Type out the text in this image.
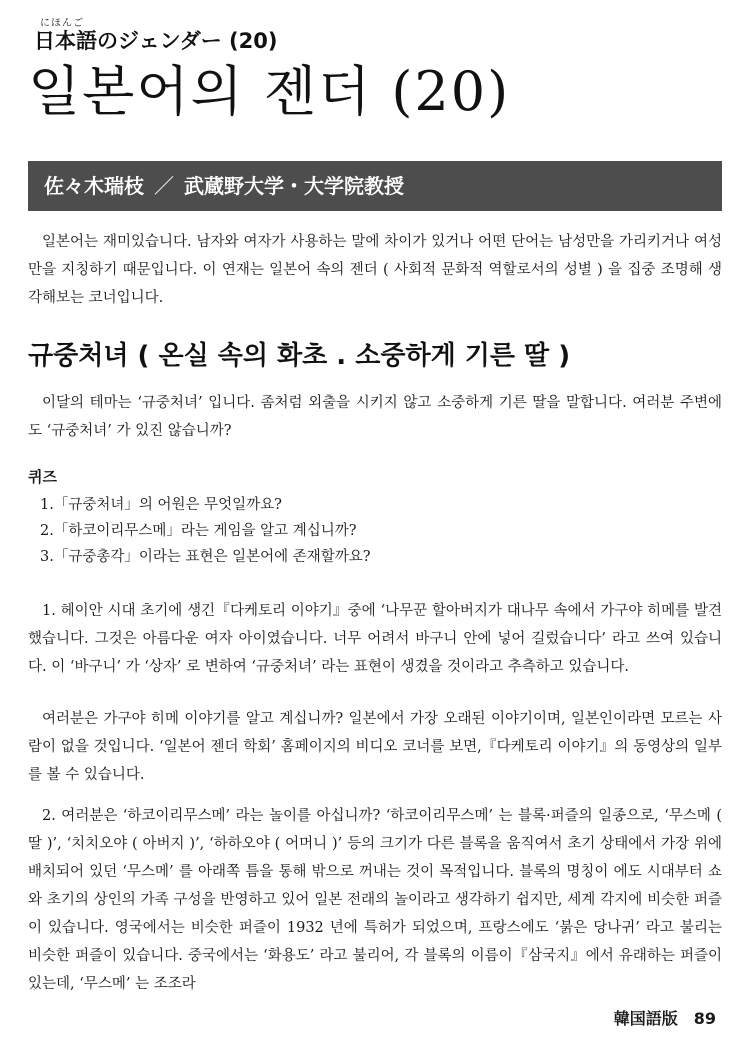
にほんご
日本語のジェンダー (20)
일본어의 젠더 (20)
佐々木瑞枝 ／ 武蔵野大学・大学院教授

일본어는 재미있습니다. 남자와 여자가 사용하는 말에 차이가 있거나 어떤 단어는 남성만을 가리키거나 여성만을 지칭하기 때문입니다. 이 연재는 일본어 속의 젠더 ( 사회적 문화적 역할로서의 성별 ) 을 집중 조명해 생각해보는 코너입니다.

규중처녀 ( 온실 속의 화초 . 소중하게 기른 딸 )

이달의 테마는 ‘규중처녀’ 입니다. 좀처럼 외출을 시키지 않고 소중하게 기른 딸을 말합니다. 여러분 주변에도 ‘규중처녀’ 가 있진 않습니까?

퀴즈
1.「규중처녀」의 어원은 무엇일까요?
2.「하코이리무스메」라는 게임을 알고 계십니까?
3.「규중총각」이라는 표현은 일본어에 존재할까요?

1. 헤이안 시대 초기에 생긴『다케토리 이야기』중에 ‘나무꾼 할아버지가 대나무 속에서 가구야 히메를 발견했습니다. 그것은 아름다운 여자 아이였습니다. 너무 어려서 바구니 안에 넣어 길렀습니다’ 라고 쓰여 있습니다. 이 ‘바구니’ 가 ‘상자’ 로 변하여 ‘규중처녀’ 라는 표현이 생겼을 것이라고 추측하고 있습니다.

여러분은 가구야 히메 이야기를 알고 계십니까? 일본에서 가장 오래된 이야기이며, 일본인이라면 모르는 사람이 없을 것입니다. ‘일본어 젠더 학회’ 홈페이지의 비디오 코너를 보면,『다케토리 이야기』의 동영상의 일부를 볼 수 있습니다.

2. 여러분은 ‘하코이리무스메’ 라는 놀이를 아십니까? ‘하코이리무스메’ 는 블록·퍼즐의 일종으로, ‘무스메 ( 딸 )’, ‘치치오야 ( 아버지 )’, ‘하하오야 ( 어머니 )’ 등의 크기가 다른 블록을 움직여서 초기 상태에서 가장 위에 배치되어 있던 ‘무스메’ 를 아래쪽 틈을 통해 밖으로 꺼내는 것이 목적입니다. 블록의 명칭이 에도 시대부터 쇼와 초기의 상인의 가족 구성을 반영하고 있어 일본 전래의 놀이라고 생각하기 쉽지만, 세계 각지에 비슷한 퍼즐이 있습니다. 영국에서는 비슷한 퍼즐이 1932 년에 특허가 되었으며, 프랑스에도 ‘붉은 당나귀’ 라고 불리는 비슷한 퍼즐이 있습니다. 중국에서는 ‘화용도’ 라고 불리어, 각 블록의 이름이『삼국지』에서 유래하는 퍼즐이 있는데, ‘무스메’ 는 조조라

韓国語版 89
